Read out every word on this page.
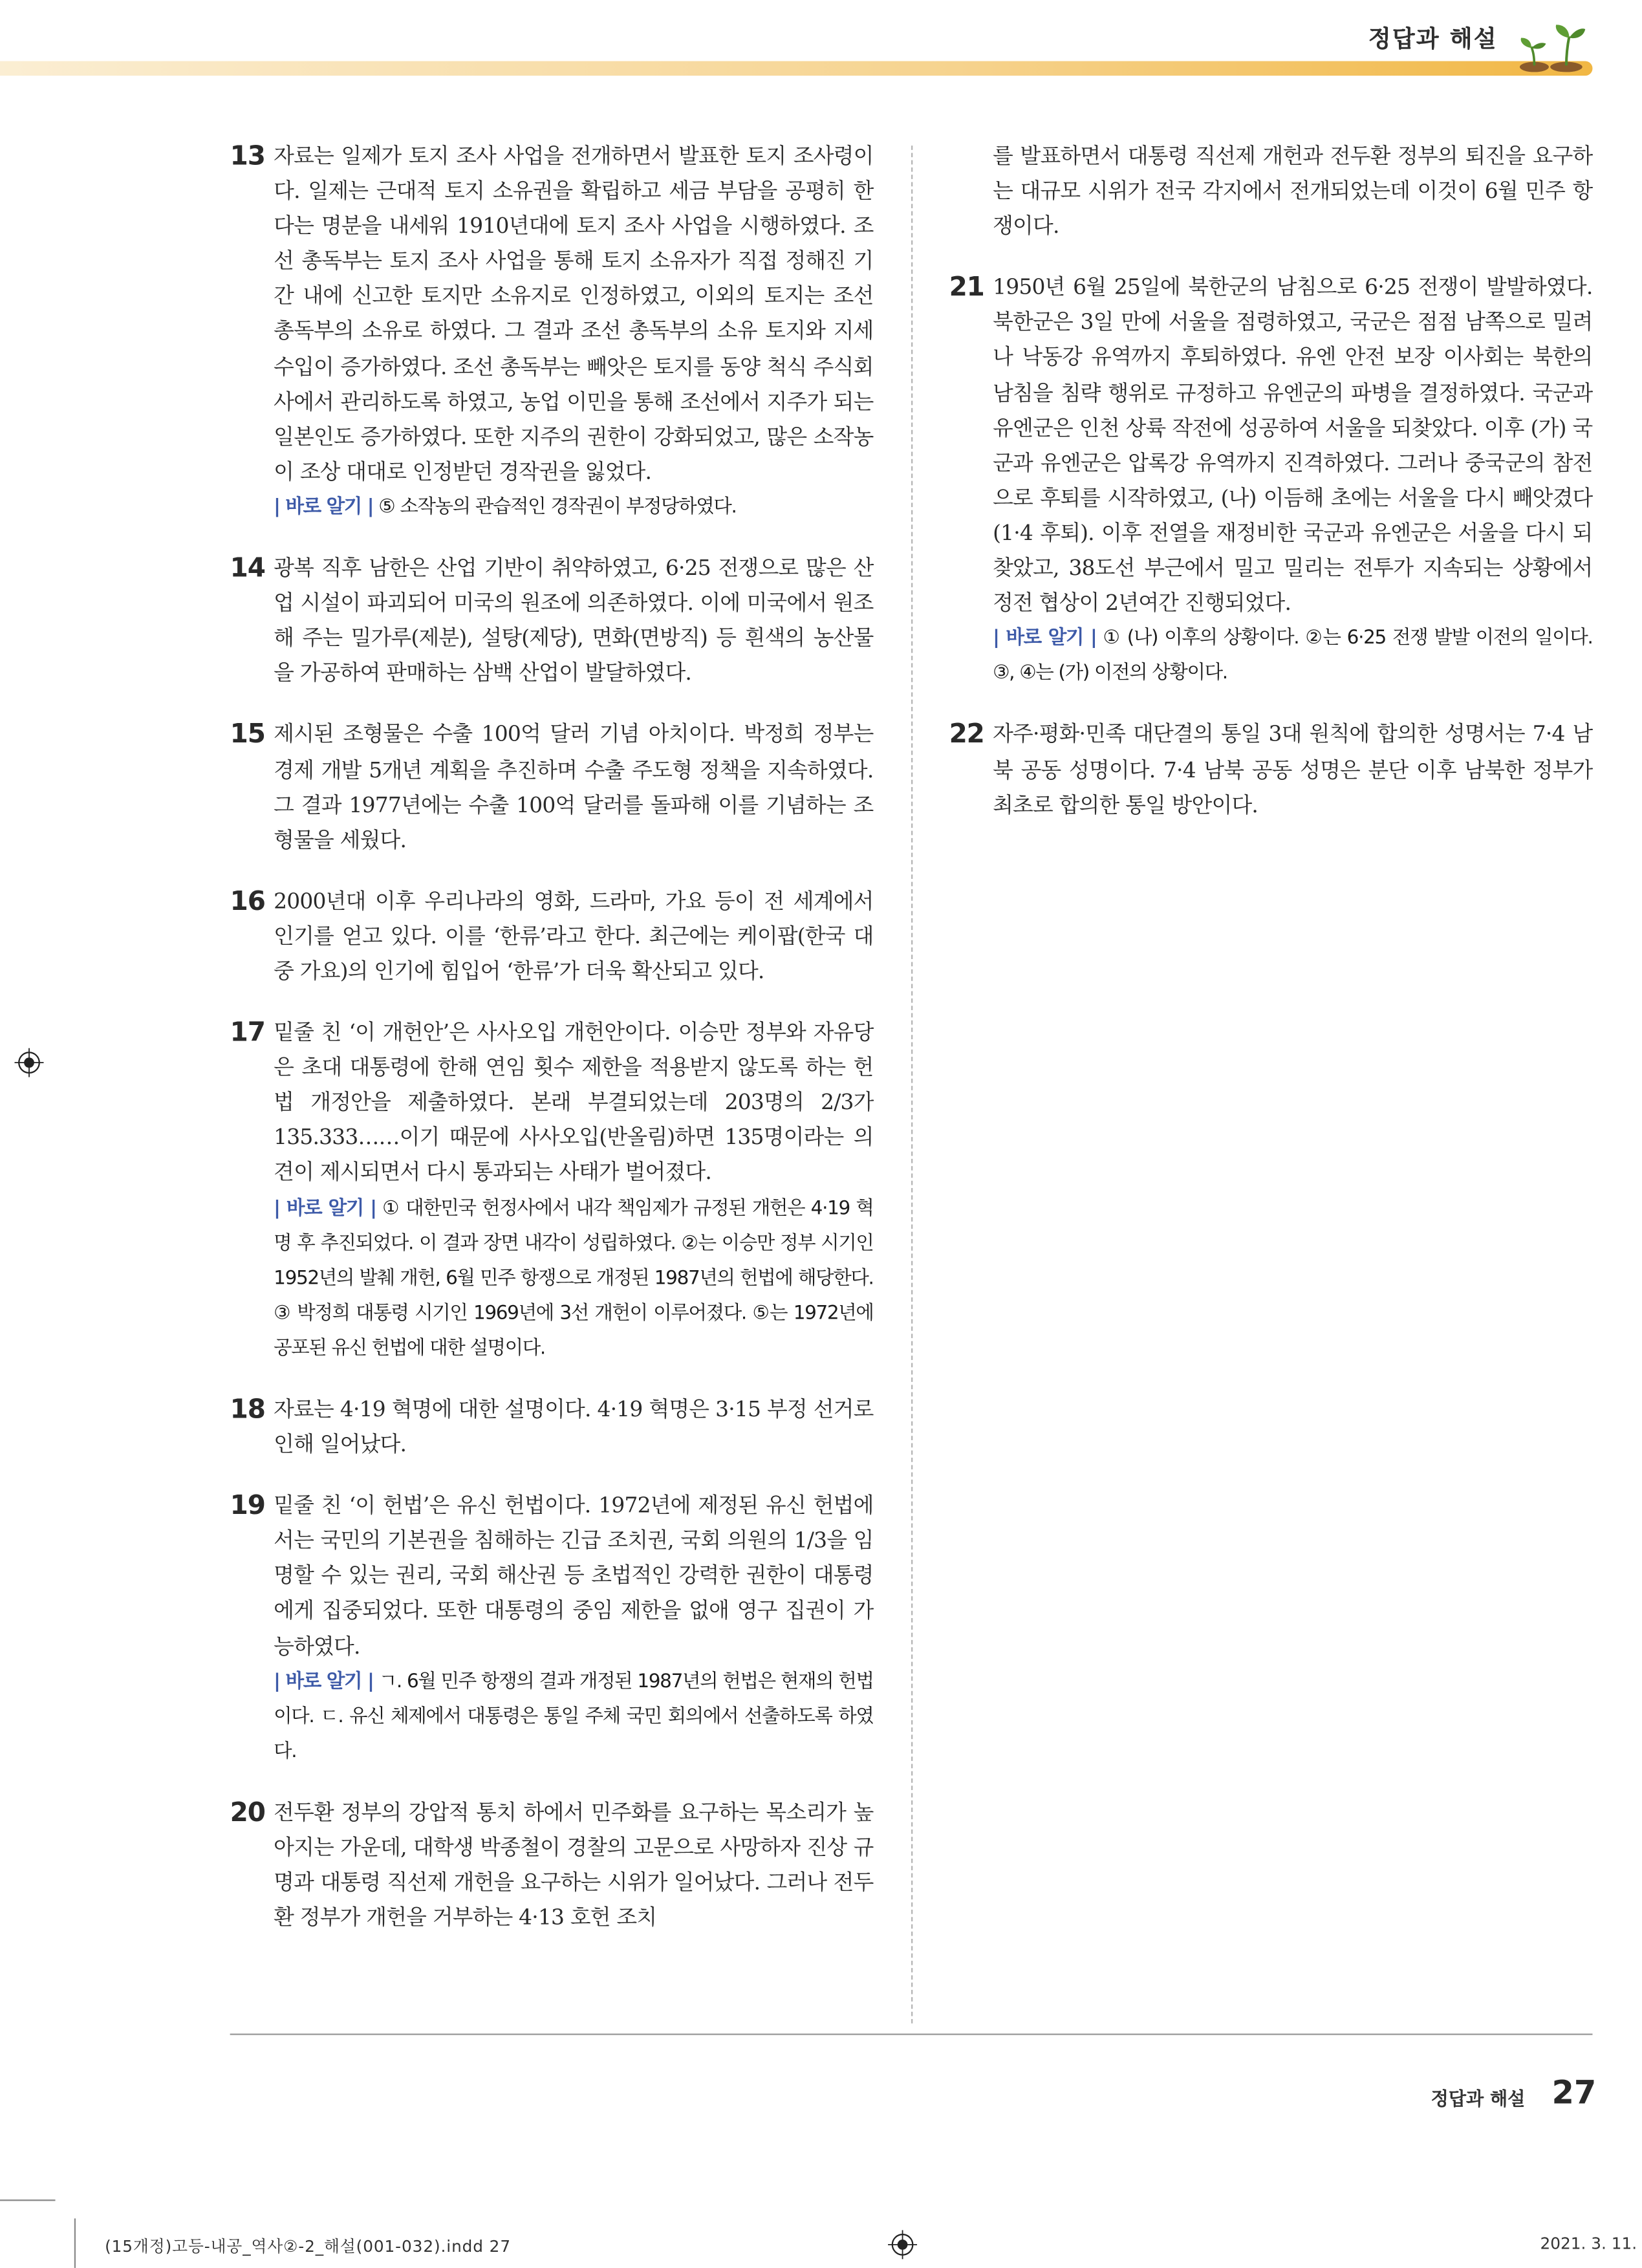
정답과 해설
13 자료는 일제가 토지 조사 사업을 전개하면서 발표한 토지 조사령이다. 일제는 근대적 토지 소유권을 확립하고 세금 부담을 공평히 한다는 명분을 내세워 1910년대에 토지 조사 사업을 시행하였다. 조선 총독부는 토지 조사 사업을 통해 토지 소유자가 직접 정해진 기간 내에 신고한 토지만 소유지로 인정하였고, 이외의 토지는 조선 총독부의 소유로 하였다. 그 결과 조선 총독부의 소유 토지와 지세 수입이 증가하였다. 조선 총독부는 빼앗은 토지를 동양 척식 주식회사에서 관리하도록 하였고, 농업 이민을 통해 조선에서 지주가 되는 일본인도 증가하였다. 또한 지주의 권한이 강화되었고, 많은 소작농이 조상 대대로 인정받던 경작권을 잃었다.

| 바로 알기 | ⑤ 소작농의 관습적인 경작권이 부정당하였다.

14 광복 직후 남한은 산업 기반이 취약하였고, 6·25 전쟁으로 많은 산업 시설이 파괴되어 미국의 원조에 의존하였다. 이에 미국에서 원조해 주는 밀가루(제분), 설탕(제당), 면화(면방직) 등 흰색의 농산물을 가공하여 판매하는 삼백 산업이 발달하였다.

15 제시된 조형물은 수출 100억 달러 기념 아치이다. 박정희 정부는 경제 개발 5개년 계획을 추진하며 수출 주도형 정책을 지속하였다. 그 결과 1977년에는 수출 100억 달러를 돌파해 이를 기념하는 조형물을 세웠다.

16 2000년대 이후 우리나라의 영화, 드라마, 가요 등이 전 세계에서 인기를 얻고 있다. 이를 ‘한류’라고 한다. 최근에는 케이팝(한국 대중 가요)의 인기에 힘입어 ‘한류’가 더욱 확산되고 있다.

17 밑줄 친 ‘이 개헌안’은 사사오입 개헌안이다. 이승만 정부와 자유당은 초대 대통령에 한해 연임 횟수 제한을 적용받지 않도록 하는 헌법 개정안을 제출하였다. 본래 부결되었는데 203명의 2/3가 135.333……이기 때문에 사사오입(반올림)하면 135명이라는 의견이 제시되면서 다시 통과되는 사태가 벌어졌다.

| 바로 알기 | ① 대한민국 헌정사에서 내각 책임제가 규정된 개헌은 4·19 혁명 후 추진되었다. 이 결과 장면 내각이 성립하였다. ②는 이승만 정부 시기인 1952년의 발췌 개헌, 6월 민주 항쟁으로 개정된 1987년의 헌법에 해당한다. ③ 박정희 대통령 시기인 1969년에 3선 개헌이 이루어졌다. ⑤는 1972년에 공포된 유신 헌법에 대한 설명이다.

18 자료는 4·19 혁명에 대한 설명이다. 4·19 혁명은 3·15 부정 선거로 인해 일어났다.

19 밑줄 친 ‘이 헌법’은 유신 헌법이다. 1972년에 제정된 유신 헌법에서는 국민의 기본권을 침해하는 긴급 조치권, 국회 의원의 1/3을 임명할 수 있는 권리, 국회 해산권 등 초법적인 강력한 권한이 대통령에게 집중되었다. 또한 대통령의 중임 제한을 없애 영구 집권이 가능하였다.

| 바로 알기 | ㄱ. 6월 민주 항쟁의 결과 개정된 1987년의 헌법은 현재의 헌법이다. ㄷ. 유신 체제에서 대통령은 통일 주체 국민 회의에서 선출하도록 하였다.

20 전두환 정부의 강압적 통치 하에서 민주화를 요구하는 목소리가 높아지는 가운데, 대학생 박종철이 경찰의 고문으로 사망하자 진상 규명과 대통령 직선제 개헌을 요구하는 시위가 일어났다. 그러나 전두환 정부가 개헌을 거부하는 4·13 호헌 조치

를 발표하면서 대통령 직선제 개헌과 전두환 정부의 퇴진을 요구하는 대규모 시위가 전국 각지에서 전개되었는데 이것이 6월 민주 항쟁이다.

21 1950년 6월 25일에 북한군의 남침으로 6·25 전쟁이 발발하였다. 북한군은 3일 만에 서울을 점령하였고, 국군은 점점 남쪽으로 밀려나 낙동강 유역까지 후퇴하였다. 유엔 안전 보장 이사회는 북한의 남침을 침략 행위로 규정하고 유엔군의 파병을 결정하였다. 국군과 유엔군은 인천 상륙 작전에 성공하여 서울을 되찾았다. 이후 (가) 국군과 유엔군은 압록강 유역까지 진격하였다. 그러나 중국군의 참전으로 후퇴를 시작하였고, (나) 이듬해 초에는 서울을 다시 빼앗겼다(1·4 후퇴). 이후 전열을 재정비한 국군과 유엔군은 서울을 다시 되찾았고, 38도선 부근에서 밀고 밀리는 전투가 지속되는 상황에서 정전 협상이 2년여간 진행되었다.

| 바로 알기 | ① (나) 이후의 상황이다. ②는 6·25 전쟁 발발 이전의 일이다. ③, ④는 (가) 이전의 상황이다.

22 자주·평화·민족 대단결의 통일 3대 원칙에 합의한 성명서는 7·4 남북 공동 성명이다. 7·4 남북 공동 성명은 분단 이후 남북한 정부가 최초로 합의한 통일 방안이다.

정답과 해설 27
(15개정)고등-내공_역사②-2_해설(001-032).indd 27	2021. 3. 11.
